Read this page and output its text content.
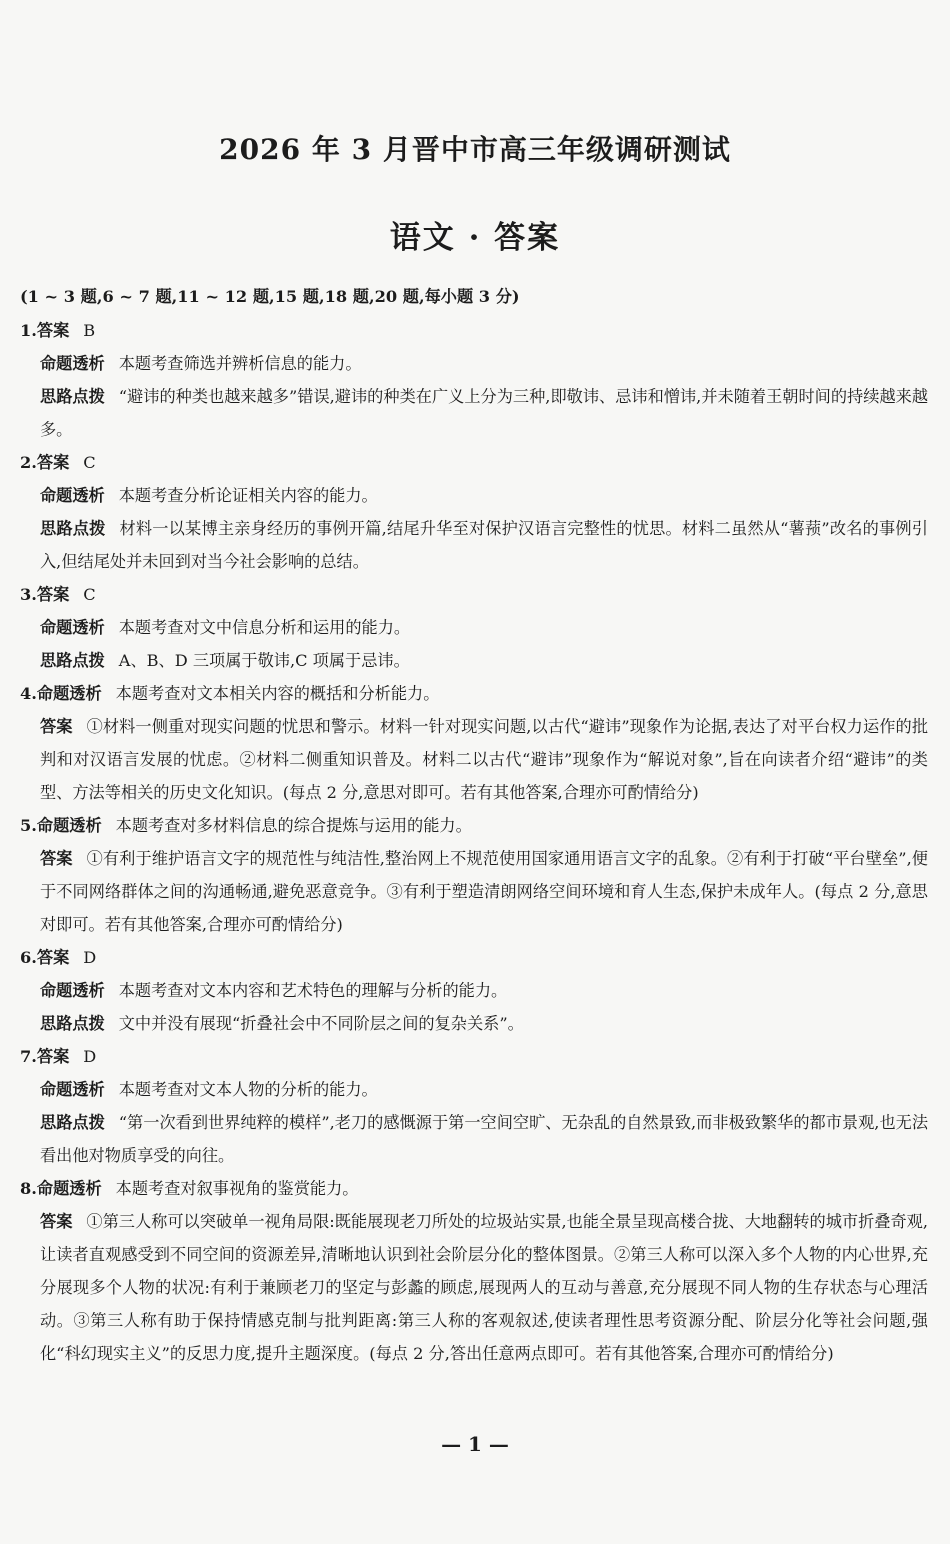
2026 年 3 月晋中市高三年级调研测试
语文 · 答案
(1 ~ 3 题,6 ~ 7 题,11 ~ 12 题,15 题,18 题,20 题,每小题 3 分)
1.答案 B
命题透析 本题考查筛选并辨析信息的能力。
思路点拨 “避讳的种类也越来越多”错误,避讳的种类在广义上分为三种,即敬讳、忌讳和憎讳,并未随着王朝时间的持续越来越多。
2.答案 C
命题透析 本题考查分析论证相关内容的能力。
思路点拨 材料一以某博主亲身经历的事例开篇,结尾升华至对保护汉语言完整性的忧思。材料二虽然从“薯蓣”改名的事例引入,但结尾处并未回到对当今社会影响的总结。
3.答案 C
命题透析 本题考查对文中信息分析和运用的能力。
思路点拨 A、B、D 三项属于敬讳,C 项属于忌讳。
4.命题透析 本题考查对文本相关内容的概括和分析能力。
答案 ①材料一侧重对现实问题的忧思和警示。材料一针对现实问题,以古代“避讳”现象作为论据,表达了对平台权力运作的批判和对汉语言发展的忧虑。②材料二侧重知识普及。材料二以古代“避讳”现象作为“解说对象”,旨在向读者介绍“避讳”的类型、方法等相关的历史文化知识。(每点 2 分,意思对即可。若有其他答案,合理亦可酌情给分)
5.命题透析 本题考查对多材料信息的综合提炼与运用的能力。
答案 ①有利于维护语言文字的规范性与纯洁性,整治网上不规范使用国家通用语言文字的乱象。②有利于打破“平台壁垒”,便于不同网络群体之间的沟通畅通,避免恶意竞争。③有利于塑造清朗网络空间环境和育人生态,保护未成年人。(每点 2 分,意思对即可。若有其他答案,合理亦可酌情给分)
6.答案 D
命题透析 本题考查对文本内容和艺术特色的理解与分析的能力。
思路点拨 文中并没有展现“折叠社会中不同阶层之间的复杂关系”。
7.答案 D
命题透析 本题考查对文本人物的分析的能力。
思路点拨 “第一次看到世界纯粹的模样”,老刀的感慨源于第一空间空旷、无杂乱的自然景致,而非极致繁华的都市景观,也无法看出他对物质享受的向往。
8.命题透析 本题考查对叙事视角的鉴赏能力。
答案 ①第三人称可以突破单一视角局限:既能展现老刀所处的垃圾站实景,也能全景呈现高楼合拢、大地翻转的城市折叠奇观,让读者直观感受到不同空间的资源差异,清晰地认识到社会阶层分化的整体图景。②第三人称可以深入多个人物的内心世界,充分展现多个人物的状况:有利于兼顾老刀的坚定与彭蠡的顾虑,展现两人的互动与善意,充分展现不同人物的生存状态与心理活动。③第三人称有助于保持情感克制与批判距离:第三人称的客观叙述,使读者理性思考资源分配、阶层分化等社会问题,强化“科幻现实主义”的反思力度,提升主题深度。(每点 2 分,答出任意两点即可。若有其他答案,合理亦可酌情给分)
— 1 —
